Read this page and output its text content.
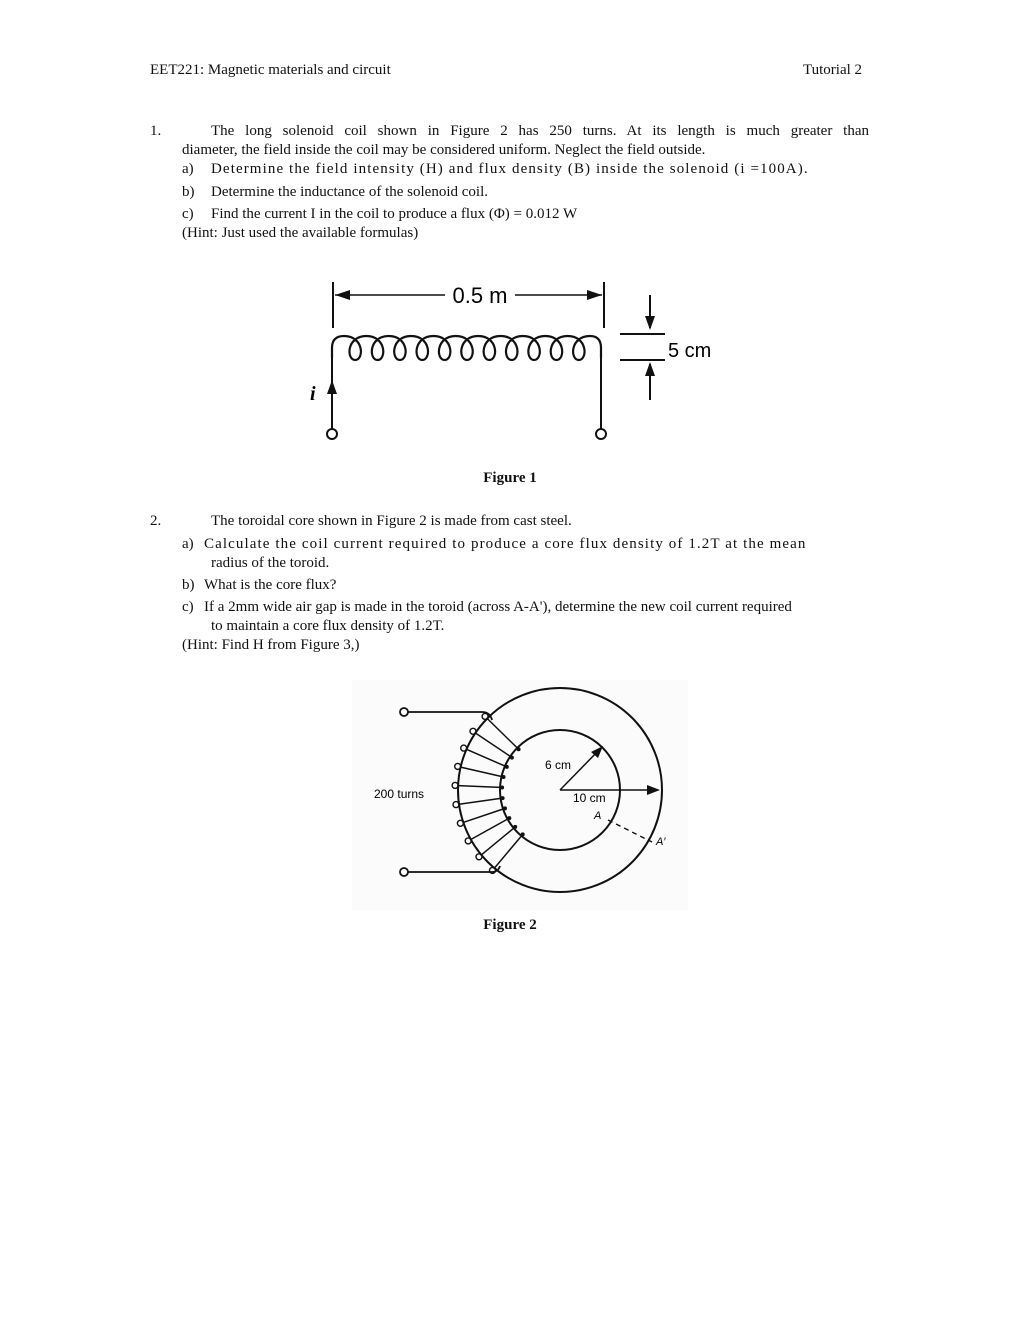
EET221: Magnetic materials and circuit	Tutorial 2
1.	The long solenoid coil shown in Figure 2 has 250 turns. At its length is much greater than
diameter, the field inside the coil may be considered uniform. Neglect the field outside.
a) Determine the field intensity (H) and flux density (B) inside the solenoid (i =100A).
b) Determine the inductance of the solenoid coil.
c) Find the current I in the coil to produce a flux (Φ) = 0.012 W
(Hint: Just used the available formulas)
0.5 m
i
5 cm
Figure 1
2.	The toroidal core shown in Figure 2 is made from cast steel.
a) Calculate the coil current required to produce a core flux density of 1.2T at the mean
radius of the toroid.
b) What is the core flux?
c) If a 2mm wide air gap is made in the toroid (across A-A'), determine the new coil current required
to maintain a core flux density of 1.2T.
(Hint: Find H from Figure 3,)
200 turns
6 cm
10 cm
A
A′
Figure 2
